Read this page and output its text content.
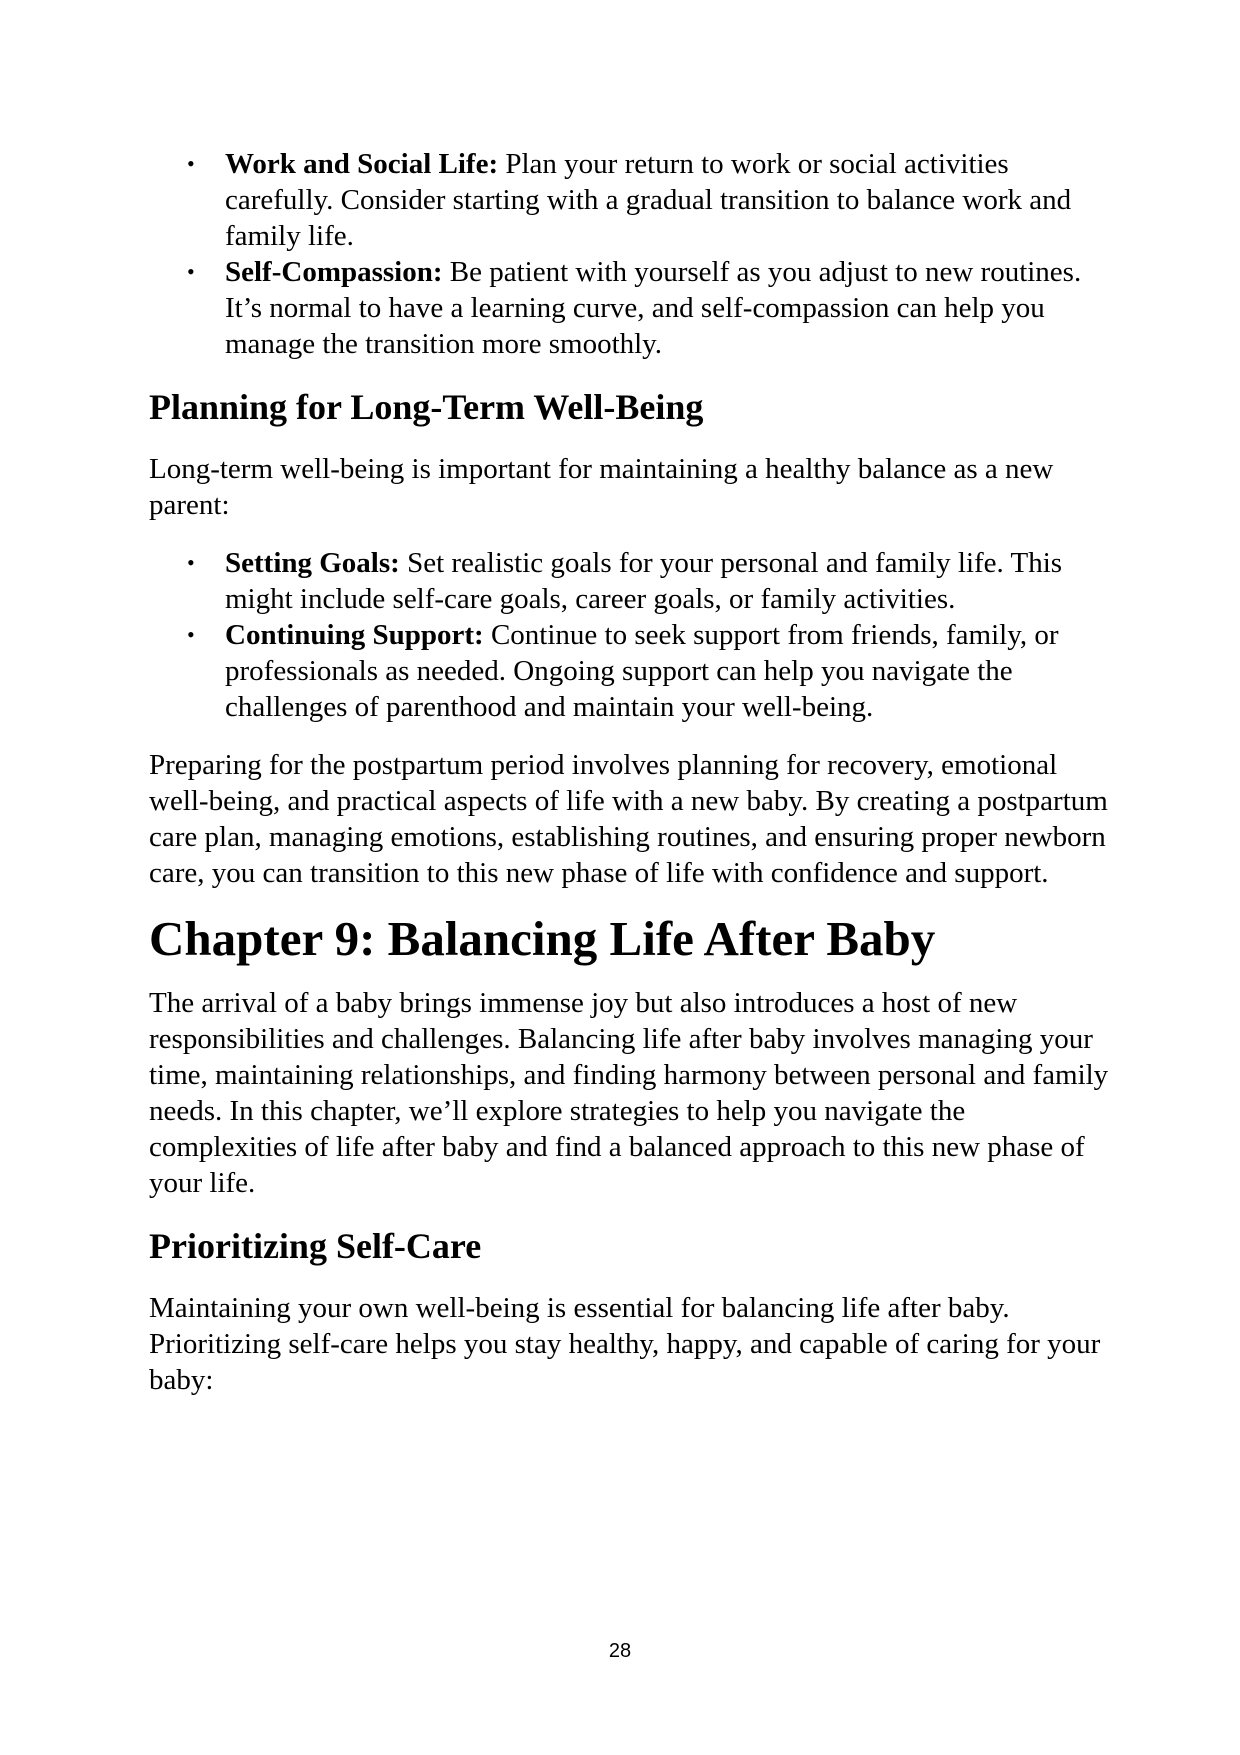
• Work and Social Life: Plan your return to work or social activities carefully. Consider starting with a gradual transition to balance work and family life.
• Self-Compassion: Be patient with yourself as you adjust to new routines. It’s normal to have a learning curve, and self-compassion can help you manage the transition more smoothly.
Planning for Long-Term Well-Being

Long-term well-being is important for maintaining a healthy balance as a new parent:

• Setting Goals: Set realistic goals for your personal and family life. This might include self-care goals, career goals, or family activities.
• Continuing Support: Continue to seek support from friends, family, or professionals as needed. Ongoing support can help you navigate the challenges of parenthood and maintain your well-being.

Preparing for the postpartum period involves planning for recovery, emotional well-being, and practical aspects of life with a new baby. By creating a postpartum care plan, managing emotions, establishing routines, and ensuring proper newborn care, you can transition to this new phase of life with confidence and support.

Chapter 9: Balancing Life After Baby

The arrival of a baby brings immense joy but also introduces a host of new responsibilities and challenges. Balancing life after baby involves managing your time, maintaining relationships, and finding harmony between personal and family needs. In this chapter, we’ll explore strategies to help you navigate the complexities of life after baby and find a balanced approach to this new phase of your life.

Prioritizing Self-Care

Maintaining your own well-being is essential for balancing life after baby. Prioritizing self-care helps you stay healthy, happy, and capable of caring for your baby:

28
